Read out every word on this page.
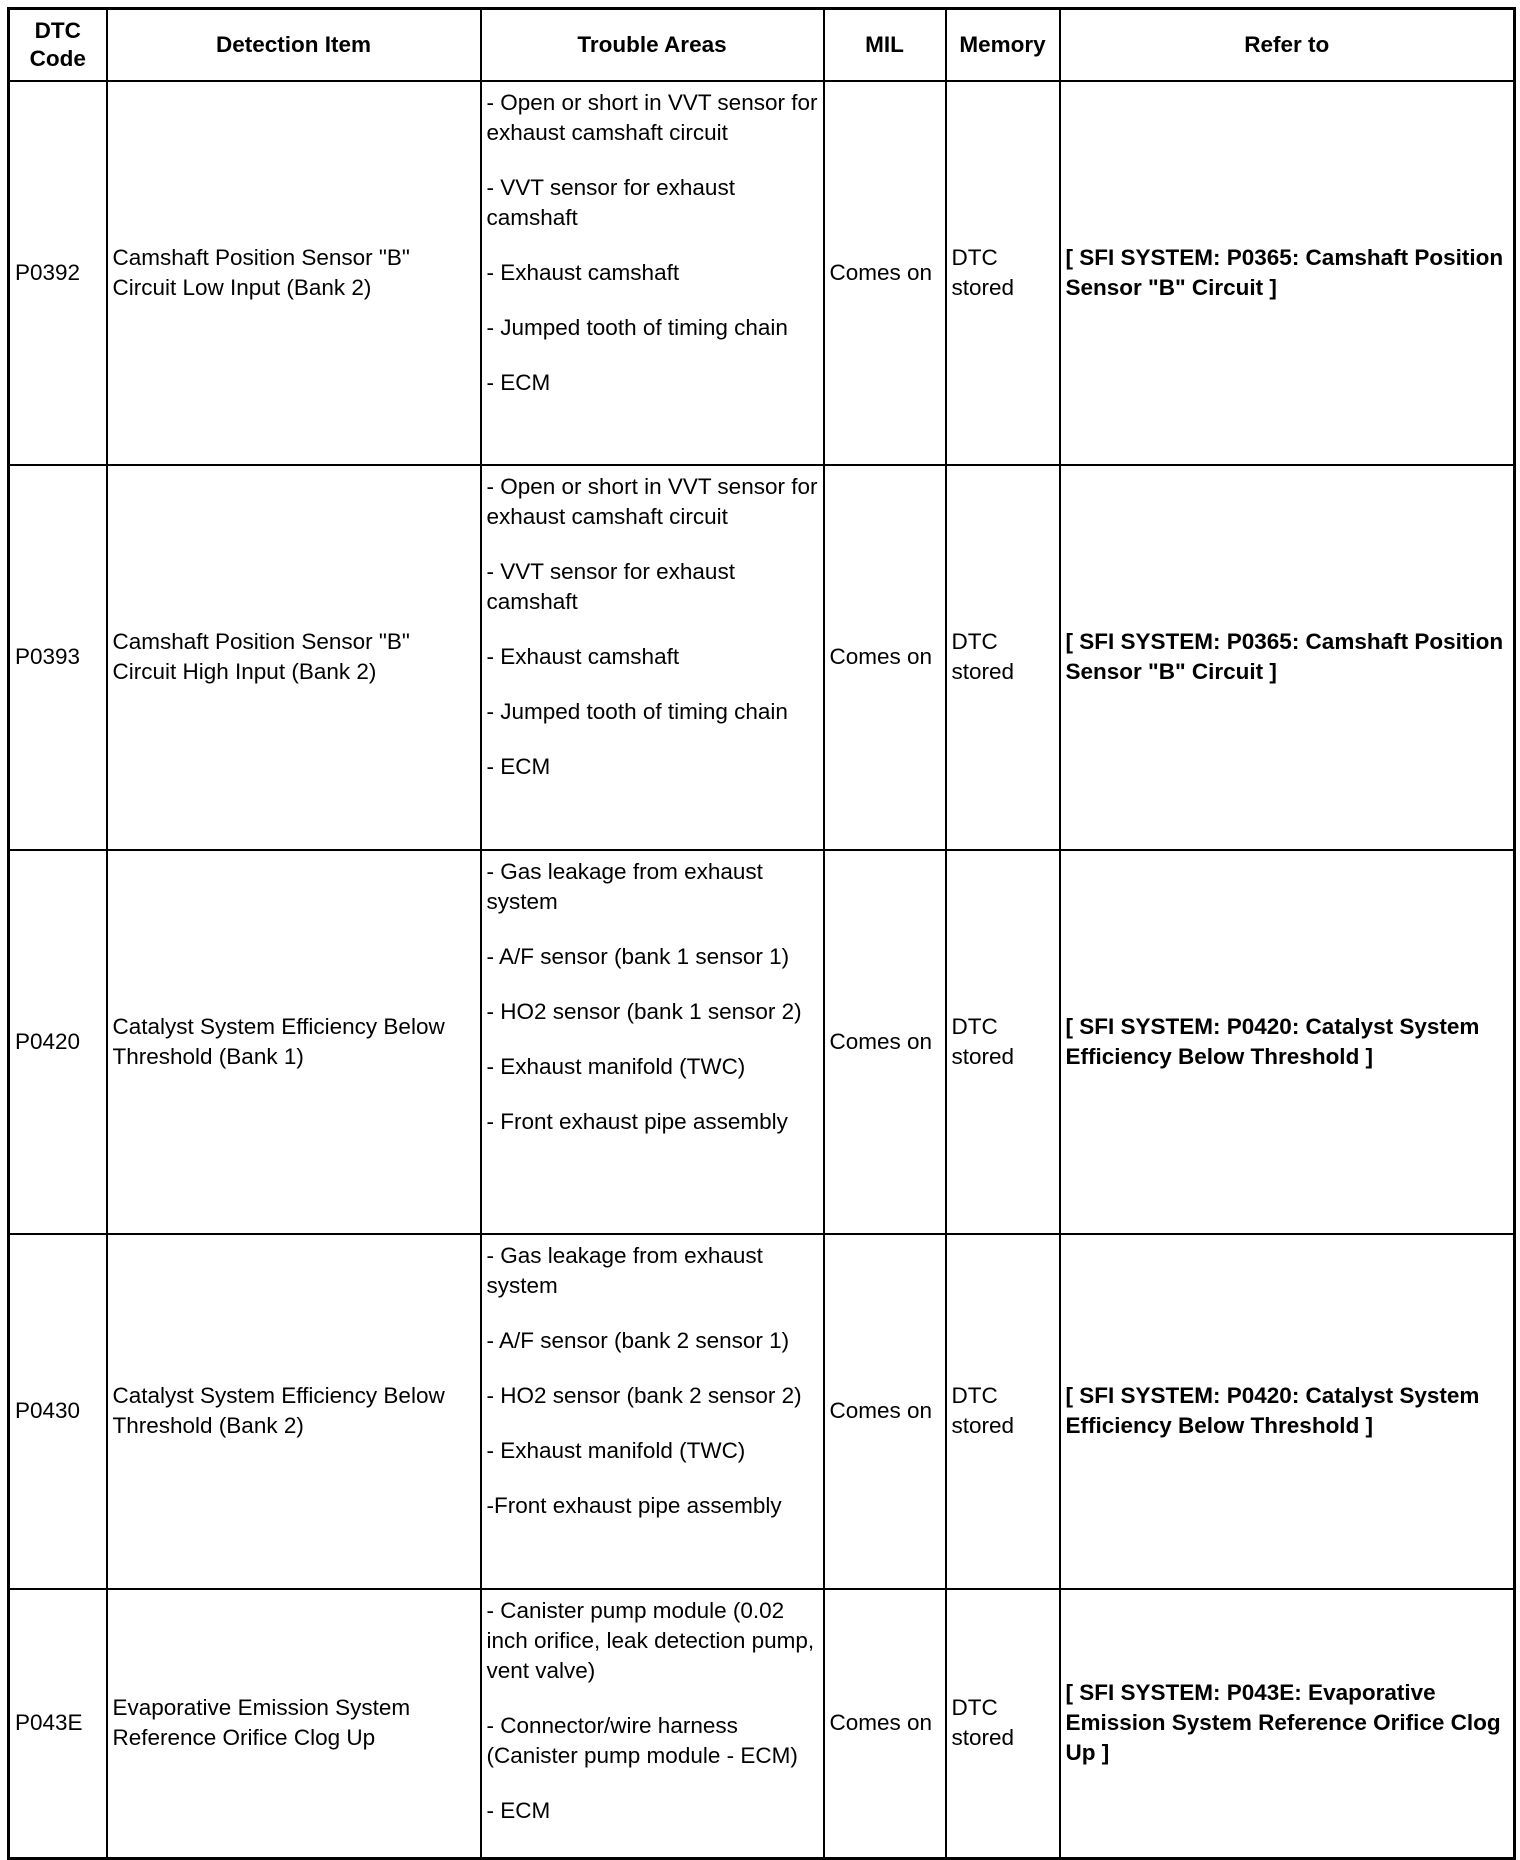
DTC Code	Detection Item	Trouble Areas	MIL	Memory	Refer to
P0392	Camshaft Position Sensor "B" Circuit Low Input (Bank 2)	- Open or short in VVT sensor for exhaust camshaft circuit
- VVT sensor for exhaust camshaft
- Exhaust camshaft
- Jumped tooth of timing chain
- ECM	Comes on	DTC stored	[ SFI SYSTEM: P0365: Camshaft Position Sensor "B" Circuit ]
P0393	Camshaft Position Sensor "B" Circuit High Input (Bank 2)	- Open or short in VVT sensor for exhaust camshaft circuit
- VVT sensor for exhaust camshaft
- Exhaust camshaft
- Jumped tooth of timing chain
- ECM	Comes on	DTC stored	[ SFI SYSTEM: P0365: Camshaft Position Sensor "B" Circuit ]
P0420	Catalyst System Efficiency Below Threshold (Bank 1)	- Gas leakage from exhaust system
- A/F sensor (bank 1 sensor 1)
- HO2 sensor (bank 1 sensor 2)
- Exhaust manifold (TWC)
- Front exhaust pipe assembly	Comes on	DTC stored	[ SFI SYSTEM: P0420: Catalyst System Efficiency Below Threshold ]
P0430	Catalyst System Efficiency Below Threshold (Bank 2)	- Gas leakage from exhaust system
- A/F sensor (bank 2 sensor 1)
- HO2 sensor (bank 2 sensor 2)
- Exhaust manifold (TWC)
-Front exhaust pipe assembly	Comes on	DTC stored	[ SFI SYSTEM: P0420: Catalyst System Efficiency Below Threshold ]
P043E	Evaporative Emission System Reference Orifice Clog Up	- Canister pump module (0.02 inch orifice, leak detection pump, vent valve)
- Connector/wire harness (Canister pump module - ECM)
- ECM	Comes on	DTC stored	[ SFI SYSTEM: P043E: Evaporative Emission System Reference Orifice Clog Up ]
